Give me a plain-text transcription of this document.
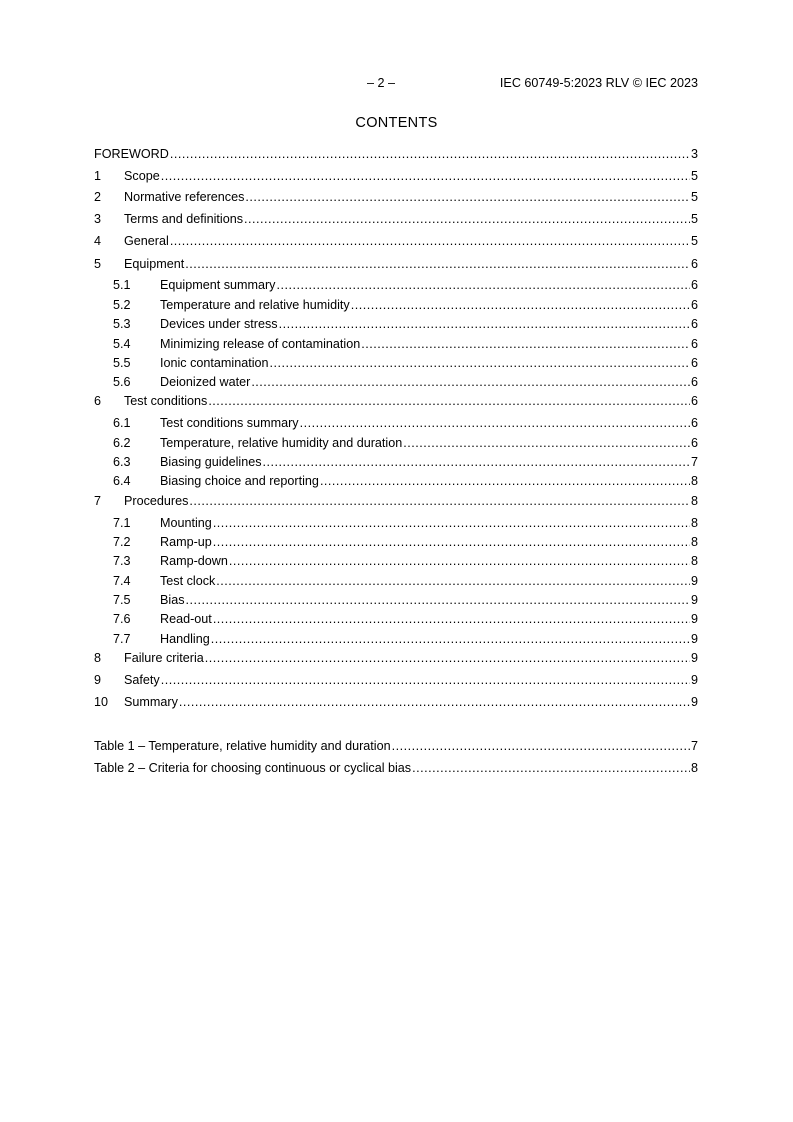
– 2 –	IEC 60749-5:2023 RLV © IEC 2023
CONTENTS
FOREWORD .....	3
1	Scope .....	5
2	Normative references .....	5
3	Terms and definitions .....	5
4	General .....	5
5	Equipment .....	6
5.1	Equipment summary .....	6
5.2	Temperature and relative humidity .....	6
5.3	Devices under stress .....	6
5.4	Minimizing release of contamination .....	6
5.5	Ionic contamination .....	6
5.6	Deionized water .....	6
6	Test conditions .....	6
6.1	Test conditions summary .....	6
6.2	Temperature, relative humidity and duration .....	6
6.3	Biasing guidelines .....	7
6.4	Biasing choice and reporting .....	8
7	Procedures .....	8
7.1	Mounting .....	8
7.2	Ramp-up .....	8
7.3	Ramp-down .....	8
7.4	Test clock .....	9
7.5	Bias .....	9
7.6	Read-out .....	9
7.7	Handling .....	9
8	Failure criteria .....	9
9	Safety .....	9
10	Summary .....	9
Table 1 – Temperature, relative humidity and duration .....	7
Table 2 – Criteria for choosing continuous or cyclical bias .....	8
